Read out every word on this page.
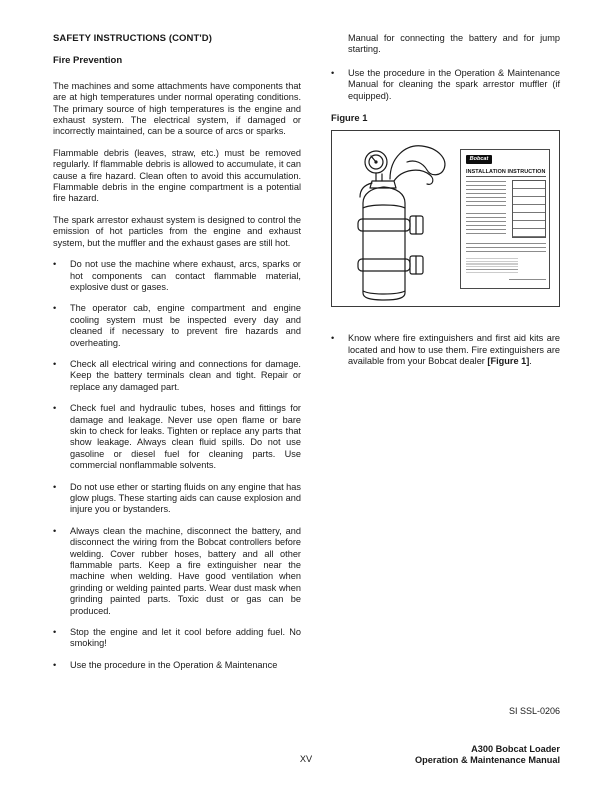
SAFETY INSTRUCTIONS (CONT'D)
Fire Prevention

The machines and some attachments have components that are at high temperatures under normal operating conditions. The primary source of high temperatures is the engine and exhaust system. The electrical system, if damaged or incorrectly maintained, can be a source of arcs or sparks.

Flammable debris (leaves, straw, etc.) must be removed regularly. If flammable debris is allowed to accumulate, it can cause a fire hazard. Clean often to avoid this accumulation. Flammable debris in the engine compartment is a potential fire hazard.

The spark arrestor exhaust system is designed to control the emission of hot particles from the engine and exhaust system, but the muffler and the exhaust gases are still hot.

•	Do not use the machine where exhaust, arcs, sparks or hot components can contact flammable material, explosive dust or gases.
•	The operator cab, engine compartment and engine cooling system must be inspected every day and cleaned if necessary to prevent fire hazards and overheating.
•	Check all electrical wiring and connections for damage. Keep the battery terminals clean and tight. Repair or replace any damaged part.
•	Check fuel and hydraulic tubes, hoses and fittings for damage and leakage. Never use open flame or bare skin to check for leaks. Tighten or replace any parts that show leakage. Always clean fluid spills. Do not use gasoline or diesel fuel for cleaning parts. Use commercial nonflammable solvents.
•	Do not use ether or starting fluids on any engine that has glow plugs. These starting aids can cause explosion and injure you or bystanders.
•	Always clean the machine, disconnect the battery, and disconnect the wiring from the Bobcat controllers before welding. Cover rubber hoses, battery and all other flammable parts. Keep a fire extinguisher near the machine when welding. Have good ventilation when grinding or welding painted parts. Wear dust mask when grinding painted parts. Toxic dust or gas can be produced.
•	Stop the engine and let it cool before adding fuel. No smoking!
•	Use the procedure in the Operation & Maintenance

Manual for connecting the battery and for jump starting.

•	Use the procedure in the Operation & Maintenance Manual for cleaning the spark arrestor muffler (if equipped).
Figure 1
Bobcat
INSTALLATION INSTRUCTION
•	Know where fire extinguishers and first aid kits are located and how to use them. Fire extinguishers are available from your Bobcat dealer [Figure 1].
SI SSL-0206
XV
A300 Bobcat Loader
Operation & Maintenance Manual
